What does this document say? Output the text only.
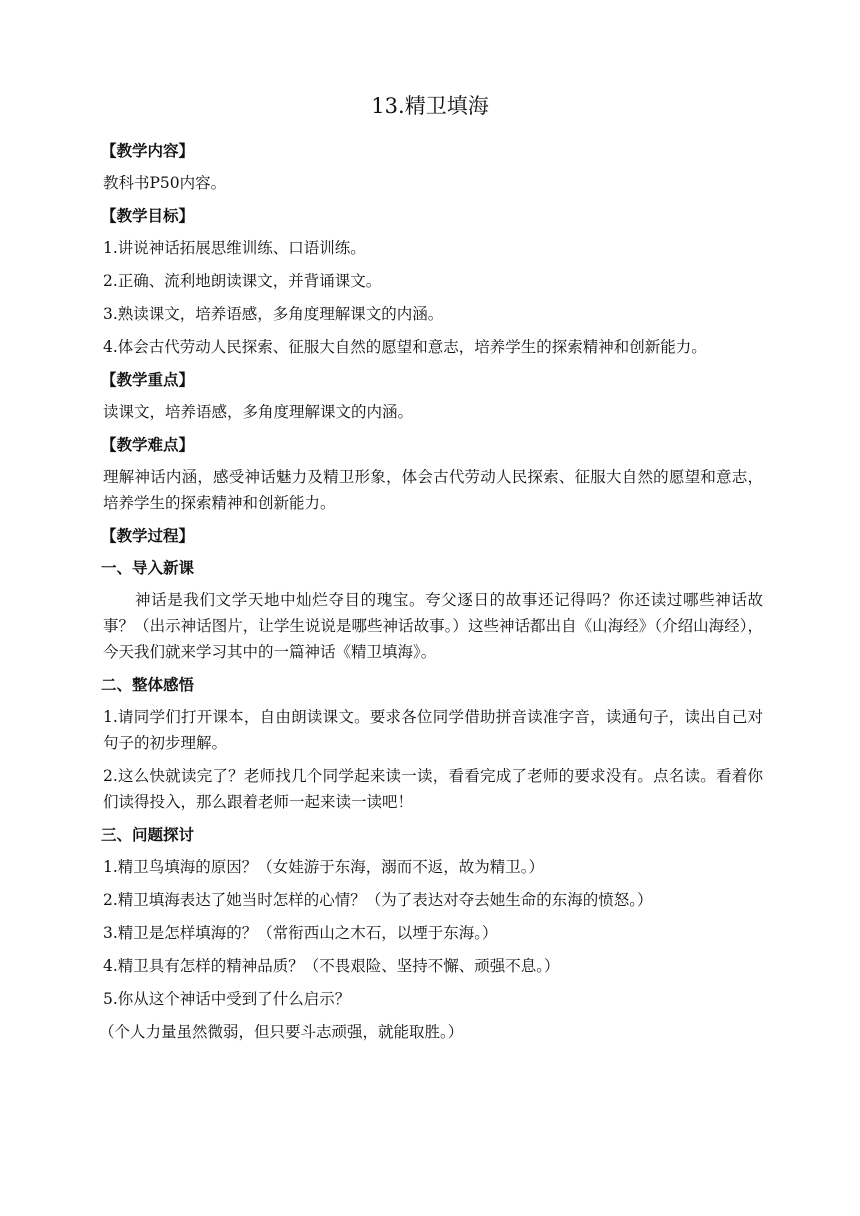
13.精卫填海
【教学内容】
教科书P50内容。
【教学目标】
1.讲说神话拓展思维训练、口语训练。
2.正确、流利地朗读课文，并背诵课文。
3.熟读课文，培养语感，多角度理解课文的内涵。
4.体会古代劳动人民探索、征服大自然的愿望和意志，培养学生的探索精神和创新能力。
【教学重点】
读课文，培养语感，多角度理解课文的内涵。
【教学难点】
理解神话内涵，感受神话魅力及精卫形象，体会古代劳动人民探索、征服大自然的愿望和意志，培养学生的探索精神和创新能力。
【教学过程】
一、导入新课
神话是我们文学天地中灿烂夺目的瑰宝。夸父逐日的故事还记得吗？你还读过哪些神话故事？（出示神话图片，让学生说说是哪些神话故事。）这些神话都出自《山海经》（介绍山海经），今天我们就来学习其中的一篇神话《精卫填海》。
二、整体感悟
1.请同学们打开课本，自由朗读课文。要求各位同学借助拼音读准字音，读通句子，读出自己对句子的初步理解。
2.这么快就读完了？老师找几个同学起来读一读，看看完成了老师的要求没有。点名读。看着你们读得投入，那么跟着老师一起来读一读吧！
三、问题探讨
1.精卫鸟填海的原因？（女娃游于东海，溺而不返，故为精卫。）
2.精卫填海表达了她当时怎样的心情？（为了表达对夺去她生命的东海的愤怒。）
3.精卫是怎样填海的？（常衔西山之木石，以堙于东海。）
4.精卫具有怎样的精神品质？（不畏艰险、坚持不懈、顽强不息。）
5.你从这个神话中受到了什么启示？
（个人力量虽然微弱，但只要斗志顽强，就能取胜。）
